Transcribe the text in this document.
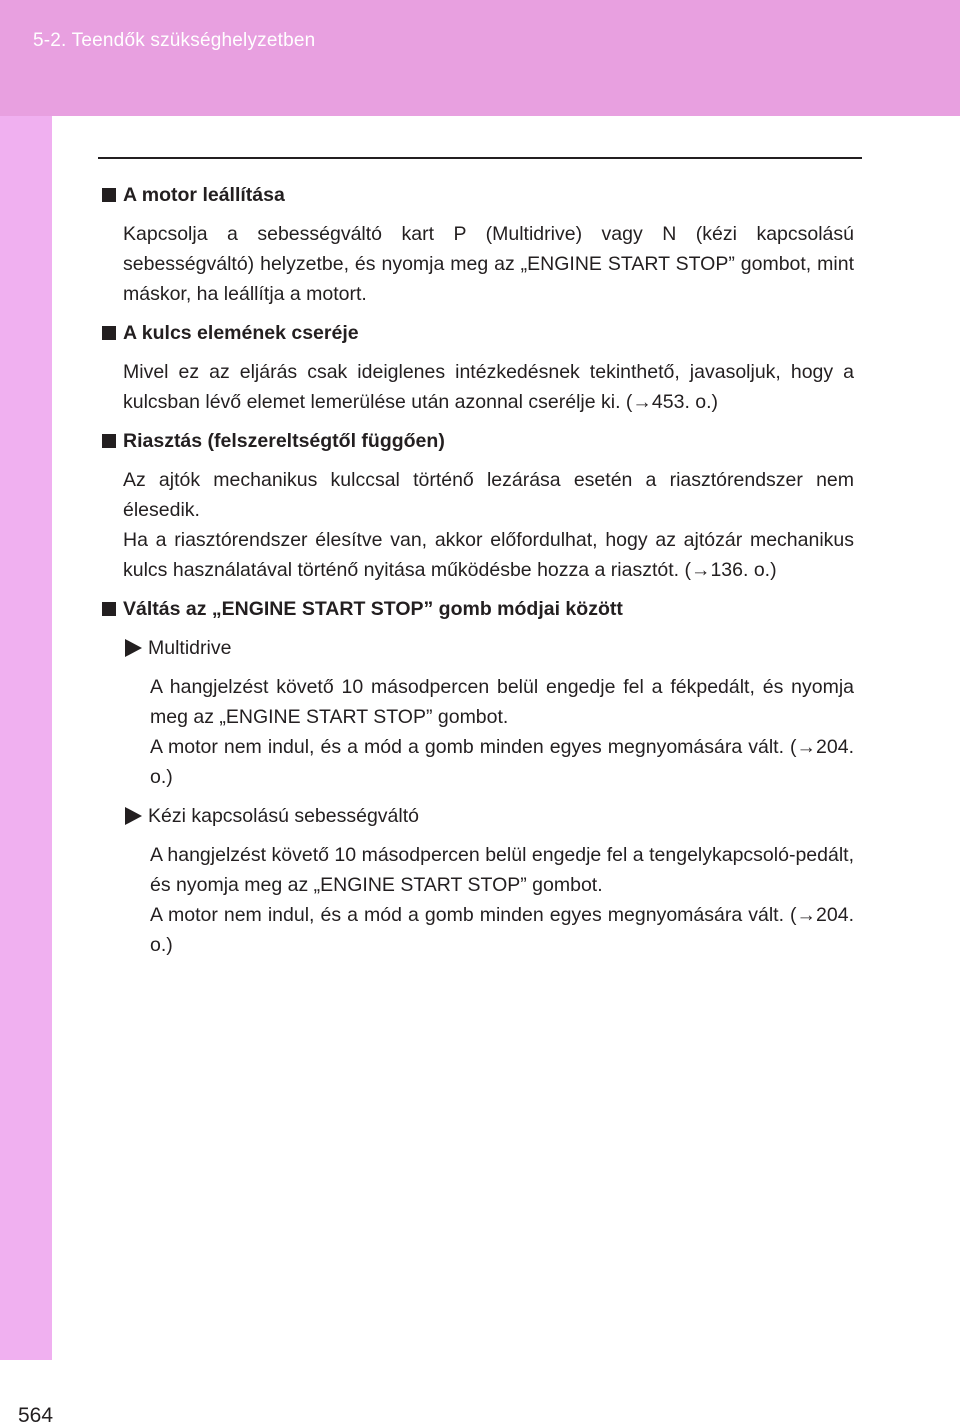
5-2. Teendők szükséghelyzetben
564
A motor leállítása

Kapcsolja a sebességváltó kart P (Multidrive) vagy N (kézi kapcsolású sebességváltó) helyzetbe, és nyomja meg az „ENGINE START STOP” gombot, mint máskor, ha leállítja a motort.

A kulcs elemének cseréje

Mivel ez az eljárás csak ideiglenes intézkedésnek tekinthető, javasoljuk, hogy a kulcsban lévő elemet lemerülése után azonnal cserélje ki. (→453. o.)

Riasztás (felszereltségtől függően)

Az ajtók mechanikus kulccsal történő lezárása esetén a riasztórendszer nem élesedik.

Ha a riasztórendszer élesítve van, akkor előfordulhat, hogy az ajtózár mechanikus kulcs használatával történő nyitása működésbe hozza a riasztót. (→136. o.)

Váltás az „ENGINE START STOP” gomb módjai között
Multidrive

A hangjelzést követő 10 másodpercen belül engedje fel a fékpedált, és nyomja meg az „ENGINE START STOP” gombot.

A motor nem indul, és a mód a gomb minden egyes megnyomására vált. (→204. o.)

Kézi kapcsolású sebességváltó

A hangjelzést követő 10 másodpercen belül engedje fel a tengelykapcsoló-pedált, és nyomja meg az „ENGINE START STOP” gombot.

A motor nem indul, és a mód a gomb minden egyes megnyomására vált. (→204. o.)
